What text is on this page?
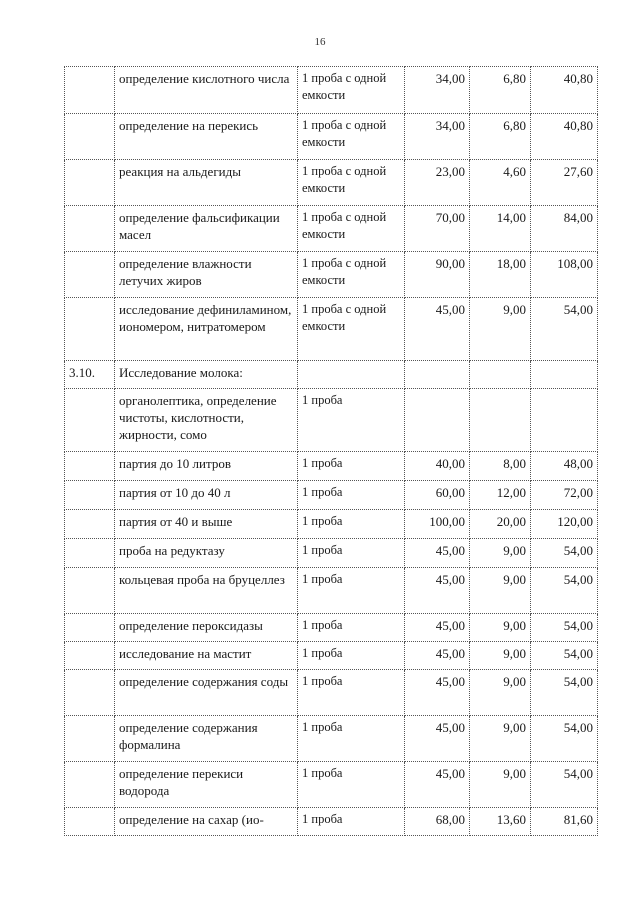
16
	определение кислотного числа	1 проба с одной емкости	34,00	6,80	40,80
	определение на перекись	1 проба с одной емкости	34,00	6,80	40,80
	реакция на альдегиды	1 проба с одной емкости	23,00	4,60	27,60
	определение фальсификации масел	1 проба с одной емкости	70,00	14,00	84,00
	определение влажности летучих жиров	1 проба с одной емкости	90,00	18,00	108,00
	исследование дефиниламином, иономером, нитратомером	1 проба с одной емкости	45,00	9,00	54,00
3.10.	Исследование молока:				
	органолептика, определение чистоты, кислотности, жирности, сомо	1 проба			
	партия до 10 литров	1 проба	40,00	8,00	48,00
	партия от 10 до 40 л	1 проба	60,00	12,00	72,00
	партия от 40 и выше	1 проба	100,00	20,00	120,00
	проба на редуктазу	1 проба	45,00	9,00	54,00
	кольцевая проба на бруцеллез	1 проба	45,00	9,00	54,00
	определение пероксидазы	1 проба	45,00	9,00	54,00
	исследование на мастит	1 проба	45,00	9,00	54,00
	определение содержания соды	1 проба	45,00	9,00	54,00
	определение содержания формалина	1 проба	45,00	9,00	54,00
	определение перекиси водорода	1 проба	45,00	9,00	54,00
	определение на сахар (ио-	1 проба	68,00	13,60	81,60
